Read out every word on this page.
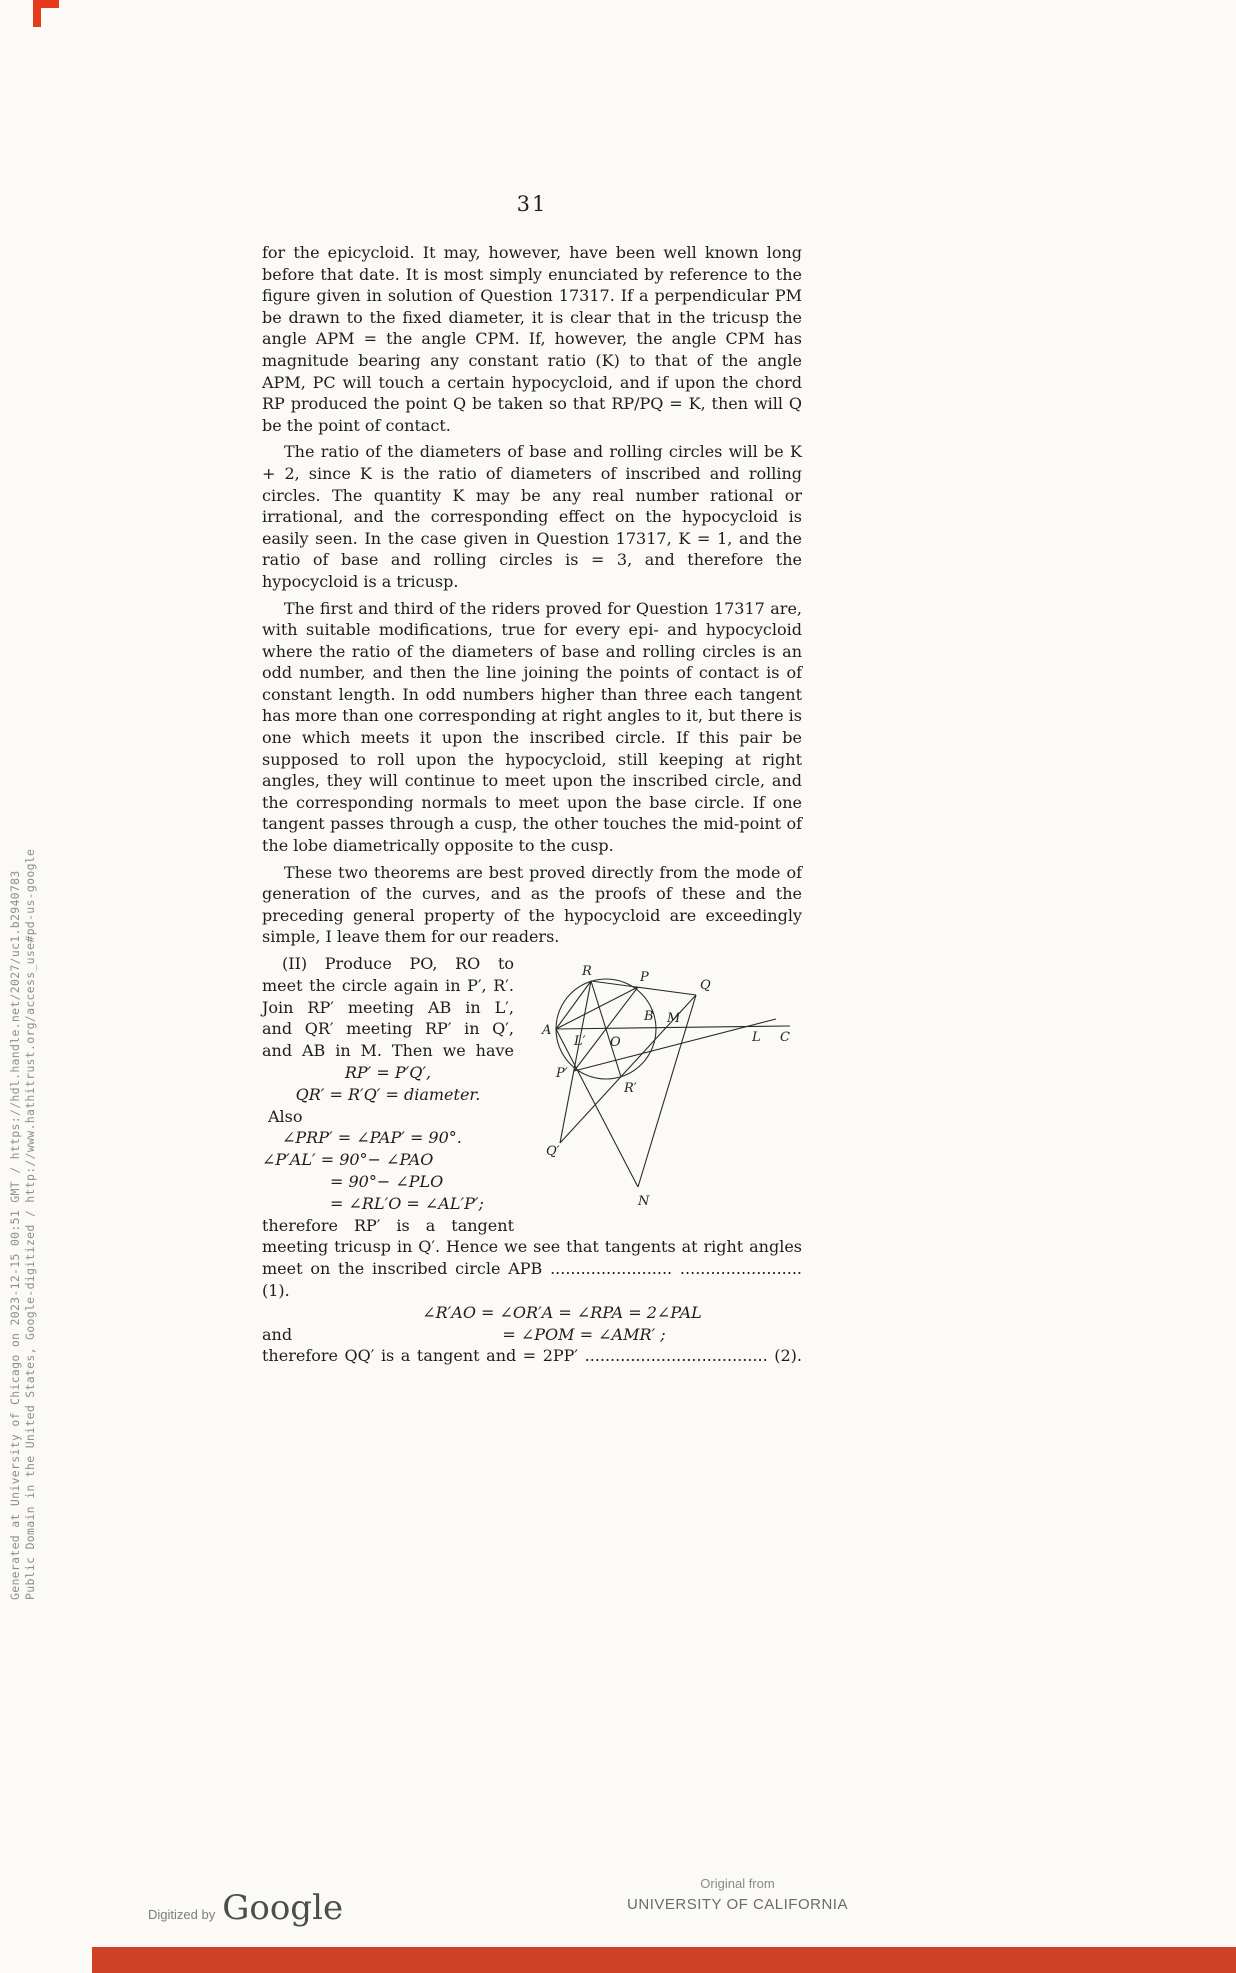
Generated at University of Chicago on 2023-12-15 00:51 GMT / https://hdl.handle.net/2027/uc1.b2940783 Public Domain in the United States, Google-digitized / http://www.hathitrust.org/access_use#pd-us-google
31

for the epicycloid. It may, however, have been well known long before that date. It is most simply enunciated by reference to the figure given in solution of Question 17317. If a perpendicular PM be drawn to the fixed diameter, it is clear that in the tricusp the angle APM = the angle CPM. If, however, the angle CPM has magnitude bearing any constant ratio (K) to that of the angle APM, PC will touch a certain hypocycloid, and if upon the chord RP produced the point Q be taken so that RP/PQ = K, then will Q be the point of contact.

The ratio of the diameters of base and rolling circles will be K + 2, since K is the ratio of diameters of inscribed and rolling circles. The quantity K may be any real number rational or irrational, and the corresponding effect on the hypocycloid is easily seen. In the case given in Question 17317, K = 1, and the ratio of base and rolling circles is = 3, and therefore the hypocycloid is a tricusp.

The first and third of the riders proved for Question 17317 are, with suitable modifications, true for every epi- and hypocycloid where the ratio of the diameters of base and rolling circles is an odd number, and then the line joining the points of contact is of constant length. In odd numbers higher than three each tangent has more than one corresponding at right angles to it, but there is one which meets it upon the inscribed circle. If this pair be supposed to roll upon the hypocycloid, still keeping at right angles, they will continue to meet upon the inscribed circle, and the corresponding normals to meet upon the base circle. If one tangent passes through a cusp, the other touches the mid-point of the lobe diametrically opposite to the cusp.

These two theorems are best proved directly from the mode of generation of the curves, and as the proofs of these and the preceding general property of the hypocycloid are exceedingly simple, I leave them for our readers.

(II) Produce PO, RO to
meet the circle again in P′, R′.
Join RP′ meeting AB in L′,
and QR′ meeting RP′ in Q′,
and AB in M. Then we have
RP′ = P′Q′,
QR′ = R′Q′ = diameter.
Also
∠PRP′ = ∠PAP′ = 90°.
∠P′AL′ = 90°− ∠PAO
= 90°− ∠PLO
= ∠RL′O = ∠AL′P′;
therefore RP′ is a tangent
R	P
Q
A
B M
L C
L′ O
P′
R′
Q′
N
meeting tricusp in Q′. Hence we see that tangents at right angles
meet on the inscribed circle APB ........................ ........................ (1).
∠R′AO = ∠OR′A = ∠RPA = 2∠PAL
and	= ∠POM = ∠AMR′ ;
therefore QQ′ is a tangent and = 2PP′ .................................... (2).
Digitized by Google
Original from
UNIVERSITY OF CALIFORNIA
